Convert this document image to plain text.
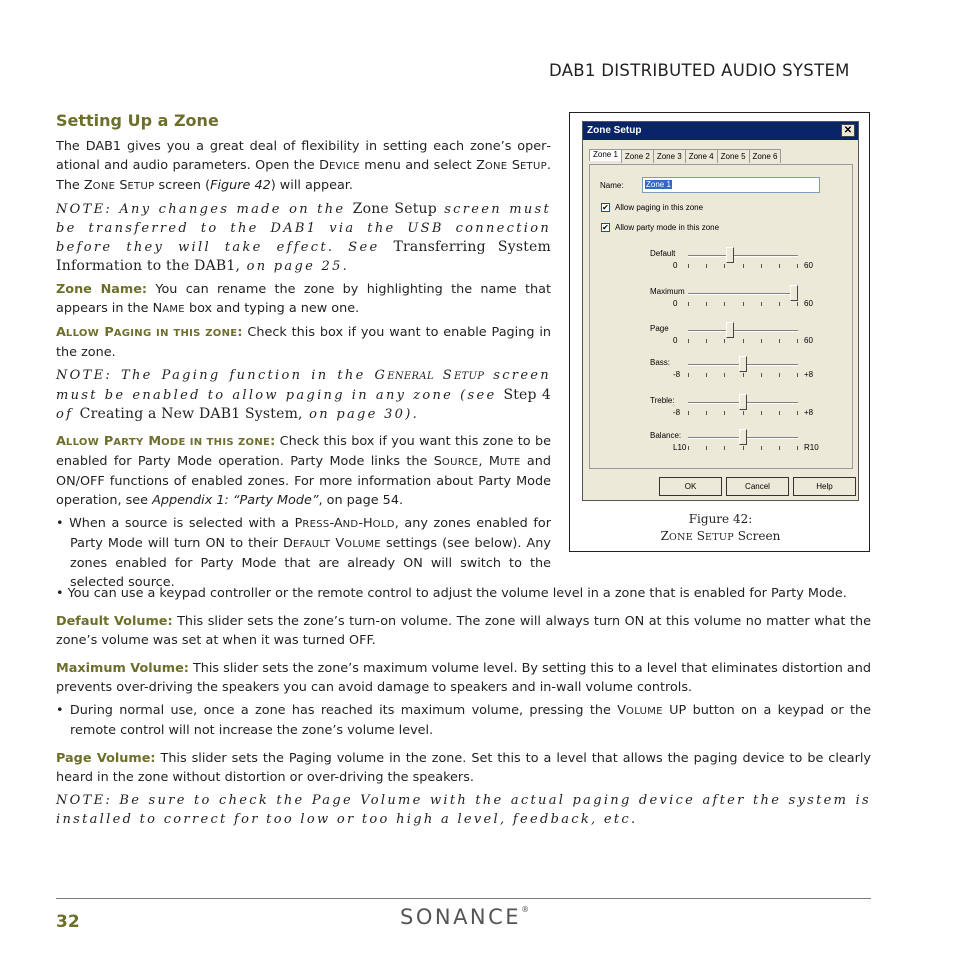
DAB1 DISTRIBUTED AUDIO SYSTEM
Setting Up a Zone

The DAB1 gives you a great deal of flexibility in setting each zone’s operational and audio parameters. Open the DEVICE menu and select ZONE SETUP. The ZONE SETUP screen (Figure 42) will appear.

NOTE: Any changes made on the Zone Setup screen must be transferred to the DAB1 via the USB connection before they will take effect. See Transferring System Information to the DAB1, on page 25.

Zone Name: You can rename the zone by highlighting the name that appears in the NAME box and typing a new one.

ALLOW PAGING IN THIS ZONE: Check this box if you want to enable Paging in the zone.

NOTE: The Paging function in the GENERAL SETUP screen must be enabled to allow paging in any zone (see Step 4 of Creating a New DAB1 System, on page 30).

ALLOW PARTY MODE IN THIS ZONE: Check this box if you want this zone to be enabled for Party Mode operation. Party Mode links the SOURCE, MUTE and ON/OFF functions of enabled zones. For more information about Party Mode operation, see Appendix 1: “Party Mode”, on page 54.

• When a source is selected with a PRESS-AND-HOLD, any zones enabled for Party Mode will turn ON to their DEFAULT VOLUME settings (see below). Any zones enabled for Party Mode that are already ON will switch to the selected source.

• You can use a keypad controller or the remote control to adjust the volume level in a zone that is enabled for Party Mode.

Default Volume: This slider sets the zone’s turn-on volume. The zone will always turn ON at this volume no matter what the zone’s volume was set at when it was turned OFF.

Maximum Volume: This slider sets the zone’s maximum volume level. By setting this to a level that eliminates distortion and prevents over-driving the speakers you can avoid damage to speakers and in-wall volume controls.

• During normal use, once a zone has reached its maximum volume, pressing the VOLUME UP button on a keypad or the remote control will not increase the zone’s volume level.

Page Volume: This slider sets the Paging volume in the zone. Set this to a level that allows the paging device to be clearly heard in the zone without distortion or over-driving the speakers.

NOTE: Be sure to check the Page Volume with the actual paging device after the system is installed to correct for too low or too high a level, feedback, etc.

Zone Setup	✕
Zone 1 Zone 2 Zone 3 Zone 4 Zone 5 Zone 6
Name:	Zone 1
✔ Allow paging in this zone
✔ Allow party mode in this zone
Default
0	60
Maximum
0	60
Page
0	60
Bass:
-8	+8
Treble:
-8	+8
Balance:
L10	R10
OK	Cancel	Help
Figure 42:
ZONE SETUP Screen
32	SONANCE®
